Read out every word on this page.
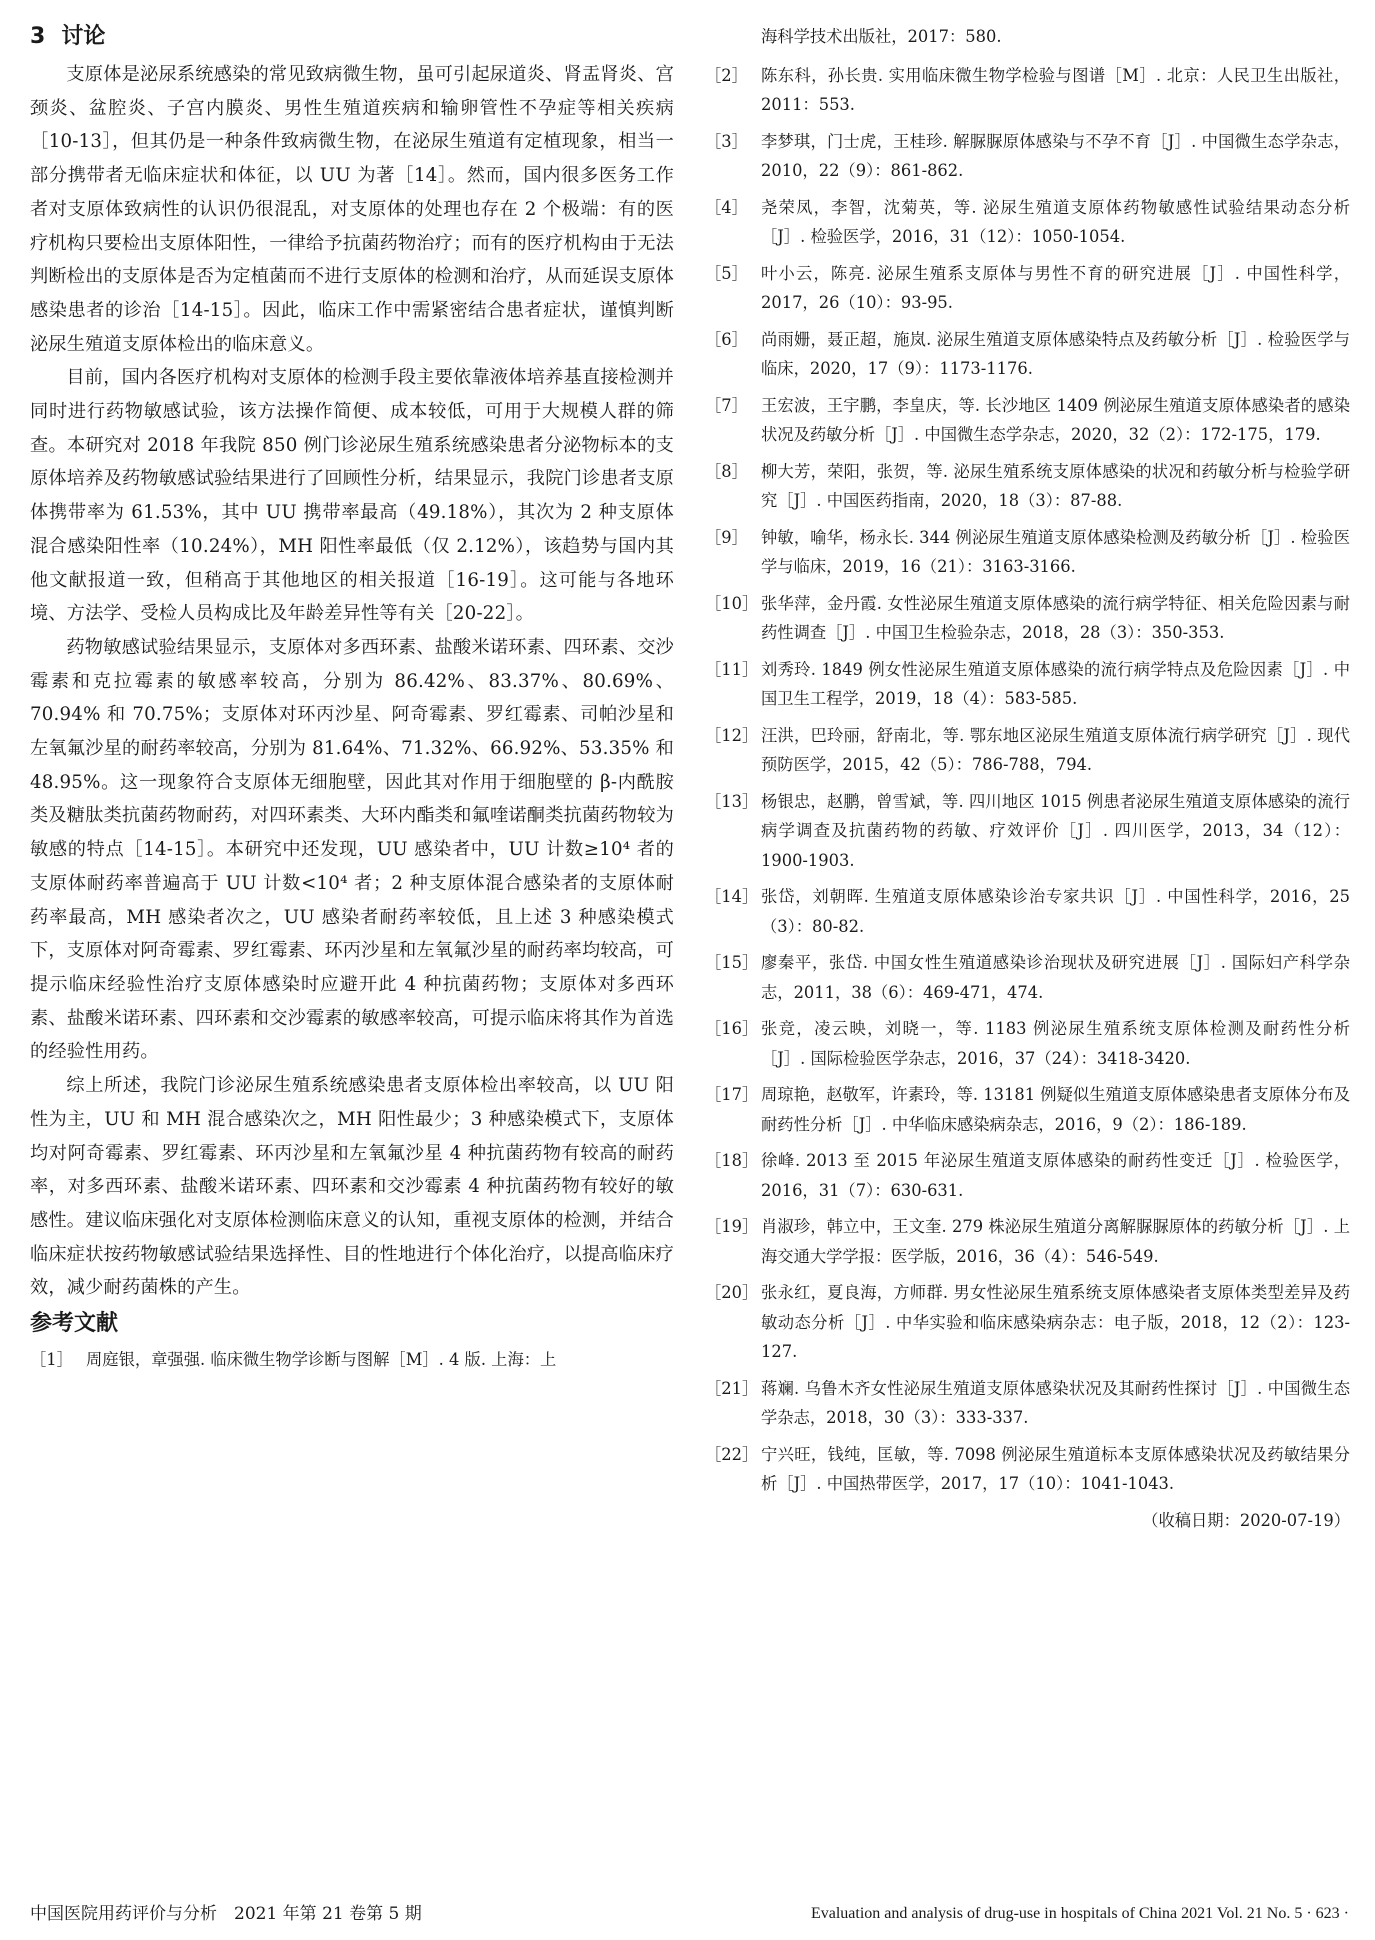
3 讨论

支原体是泌尿系统感染的常见致病微生物，虽可引起尿道炎、肾盂肾炎、宫颈炎、盆腔炎、子宫内膜炎、男性生殖道疾病和输卵管性不孕症等相关疾病［10-13］，但其仍是一种条件致病微生物，在泌尿生殖道有定植现象，相当一部分携带者无临床症状和体征，以 UU 为著［14］。然而，国内很多医务工作者对支原体致病性的认识仍很混乱，对支原体的处理也存在 2 个极端：有的医疗机构只要检出支原体阳性，一律给予抗菌药物治疗；而有的医疗机构由于无法判断检出的支原体是否为定植菌而不进行支原体的检测和治疗，从而延误支原体感染患者的诊治［14-15］。因此，临床工作中需紧密结合患者症状，谨慎判断泌尿生殖道支原体检出的临床意义。

目前，国内各医疗机构对支原体的检测手段主要依靠液体培养基直接检测并同时进行药物敏感试验，该方法操作简便、成本较低，可用于大规模人群的筛查。本研究对 2018 年我院 850 例门诊泌尿生殖系统感染患者分泌物标本的支原体培养及药物敏感试验结果进行了回顾性分析，结果显示，我院门诊患者支原体携带率为 61.53%，其中 UU 携带率最高（49.18%），其次为 2 种支原体混合感染阳性率（10.24%），MH 阳性率最低（仅 2.12%），该趋势与国内其他文献报道一致，但稍高于其他地区的相关报道［16-19］。这可能与各地环境、方法学、受检人员构成比及年龄差异性等有关［20-22］。

药物敏感试验结果显示，支原体对多西环素、盐酸米诺环素、四环素、交沙霉素和克拉霉素的敏感率较高，分别为 86.42%、83.37%、80.69%、70.94% 和 70.75%；支原体对环丙沙星、阿奇霉素、罗红霉素、司帕沙星和左氧氟沙星的耐药率较高，分别为 81.64%、71.32%、66.92%、53.35% 和 48.95%。这一现象符合支原体无细胞壁，因此其对作用于细胞壁的 β-内酰胺类及糖肽类抗菌药物耐药，对四环素类、大环内酯类和氟喹诺酮类抗菌药物较为敏感的特点［14-15］。本研究中还发现，UU 感染者中，UU 计数≥10⁴ 者的支原体耐药率普遍高于 UU 计数<10⁴ 者；2 种支原体混合感染者的支原体耐药率最高，MH 感染者次之，UU 感染者耐药率较低，且上述 3 种感染模式下，支原体对阿奇霉素、罗红霉素、环丙沙星和左氧氟沙星的耐药率均较高，可提示临床经验性治疗支原体感染时应避开此 4 种抗菌药物；支原体对多西环素、盐酸米诺环素、四环素和交沙霉素的敏感率较高，可提示临床将其作为首选的经验性用药。

综上所述，我院门诊泌尿生殖系统感染患者支原体检出率较高，以 UU 阳性为主，UU 和 MH 混合感染次之，MH 阳性最少；3 种感染模式下，支原体均对阿奇霉素、罗红霉素、环丙沙星和左氧氟沙星 4 种抗菌药物有较高的耐药率，对多西环素、盐酸米诺环素、四环素和交沙霉素 4 种抗菌药物有较好的敏感性。建议临床强化对支原体检测临床意义的认知，重视支原体的检测，并结合临床症状按药物敏感试验结果选择性、目的性地进行个体化治疗，以提高临床疗效，减少耐药菌株的产生。

参考文献
［1］ 周庭银，章强强. 临床微生物学诊断与图解［M］. 4 版. 上海：上
海科学技术出版社，2017：580.
［2］ 陈东科，孙长贵. 实用临床微生物学检验与图谱［M］. 北京：人民卫生出版社，2011：553.
［3］ 李梦琪，门士虎，王桂珍. 解脲脲原体感染与不孕不育［J］. 中国微生态学杂志，2010，22（9）：861-862.
［4］ 尧荣凤，李智，沈菊英，等. 泌尿生殖道支原体药物敏感性试验结果动态分析［J］. 检验医学，2016，31（12）：1050-1054.
［5］ 叶小云，陈亮. 泌尿生殖系支原体与男性不育的研究进展［J］. 中国性科学，2017，26（10）：93-95.
［6］ 尚雨姗，聂正超，施岚. 泌尿生殖道支原体感染特点及药敏分析［J］. 检验医学与临床，2020，17（9）：1173-1176.
［7］ 王宏波，王宇鹏，李皇庆，等. 长沙地区 1409 例泌尿生殖道支原体感染者的感染状况及药敏分析［J］. 中国微生态学杂志，2020，32（2）：172-175，179.
［8］ 柳大芳，荣阳，张贺，等. 泌尿生殖系统支原体感染的状况和药敏分析与检验学研究［J］. 中国医药指南，2020，18（3）：87-88.
［9］ 钟敏，喻华，杨永长. 344 例泌尿生殖道支原体感染检测及药敏分析［J］. 检验医学与临床，2019，16（21）：3163-3166.
［10］ 张华萍，金丹霞. 女性泌尿生殖道支原体感染的流行病学特征、相关危险因素与耐药性调查［J］. 中国卫生检验杂志，2018，28（3）：350-353.
［11］ 刘秀玲. 1849 例女性泌尿生殖道支原体感染的流行病学特点及危险因素［J］. 中国卫生工程学，2019，18（4）：583-585.
［12］ 汪洪，巴玲丽，舒南北，等. 鄂东地区泌尿生殖道支原体流行病学研究［J］. 现代预防医学，2015，42（5）：786-788，794.
［13］ 杨银忠，赵鹏，曾雪斌，等. 四川地区 1015 例患者泌尿生殖道支原体感染的流行病学调查及抗菌药物的药敏、疗效评价［J］. 四川医学，2013，34（12）：1900-1903.
［14］ 张岱，刘朝晖. 生殖道支原体感染诊治专家共识［J］. 中国性科学，2016，25（3）：80-82.
［15］ 廖秦平，张岱. 中国女性生殖道感染诊治现状及研究进展［J］. 国际妇产科学杂志，2011，38（6）：469-471，474.
［16］ 张竞，凌云映，刘晓一，等. 1183 例泌尿生殖系统支原体检测及耐药性分析［J］. 国际检验医学杂志，2016，37（24）：3418-3420.
［17］ 周琼艳，赵敬军，许素玲，等. 13181 例疑似生殖道支原体感染患者支原体分布及耐药性分析［J］. 中华临床感染病杂志，2016，9（2）：186-189.
［18］ 徐峰. 2013 至 2015 年泌尿生殖道支原体感染的耐药性变迁［J］. 检验医学，2016，31（7）：630-631.
［19］ 肖淑珍，韩立中，王文奎. 279 株泌尿生殖道分离解脲脲原体的药敏分析［J］. 上海交通大学学报：医学版，2016，36（4）：546-549.
［20］ 张永红，夏良海，方师群. 男女性泌尿生殖系统支原体感染者支原体类型差异及药敏动态分析［J］. 中华实验和临床感染病杂志：电子版，2018，12（2）：123-127.
［21］ 蒋斓. 乌鲁木齐女性泌尿生殖道支原体感染状况及其耐药性探讨［J］. 中国微生态学杂志，2018，30（3）：333-337.
［22］ 宁兴旺，钱纯，匡敏，等. 7098 例泌尿生殖道标本支原体感染状况及药敏结果分析［J］. 中国热带医学，2017，17（10）：1041-1043.
（收稿日期：2020-07-19）
中国医院用药评价与分析　2021 年第 21 卷第 5 期	Evaluation and analysis of drug-use in hospitals of China 2021 Vol. 21 No. 5 · 623 ·
